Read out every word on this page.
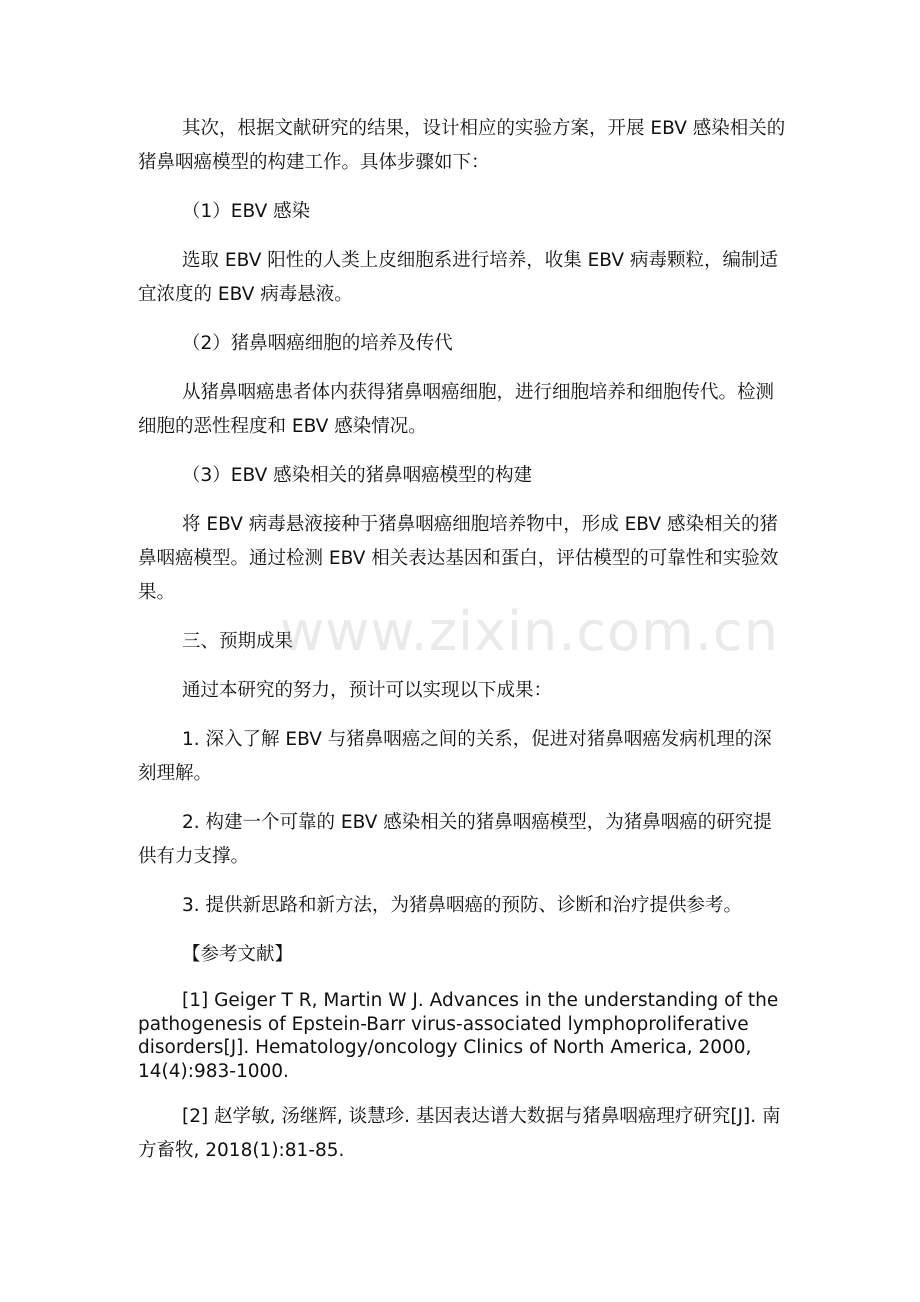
其次，根据文献研究的结果，设计相应的实验方案，开展 EBV 感染相关的猪鼻咽癌模型的构建工作。具体步骤如下：

（1）EBV 感染

选取 EBV 阳性的人类上皮细胞系进行培养，收集 EBV 病毒颗粒，编制适宜浓度的 EBV 病毒悬液。

（2）猪鼻咽癌细胞的培养及传代

从猪鼻咽癌患者体内获得猪鼻咽癌细胞，进行细胞培养和细胞传代。检测细胞的恶性程度和 EBV 感染情况。

（3）EBV 感染相关的猪鼻咽癌模型的构建

将 EBV 病毒悬液接种于猪鼻咽癌细胞培养物中，形成 EBV 感染相关的猪鼻咽癌模型。通过检测 EBV 相关表达基因和蛋白，评估模型的可靠性和实验效果。

三、预期成果

通过本研究的努力，预计可以实现以下成果：

1. 深入了解 EBV 与猪鼻咽癌之间的关系，促进对猪鼻咽癌发病机理的深刻理解。

2. 构建一个可靠的 EBV 感染相关的猪鼻咽癌模型，为猪鼻咽癌的研究提供有力支撑。

3. 提供新思路和新方法，为猪鼻咽癌的预防、诊断和治疗提供参考。

【参考文献】

[1] Geiger T R, Martin W J. Advances in the understanding of the pathogenesis of Epstein-Barr virus-associated lymphoproliferative disorders[J]. Hematology/oncology Clinics of North America, 2000, 14(4):983-1000.

[2] 赵学敏, 汤继辉, 谈慧珍. 基因表达谱大数据与猪鼻咽癌理疗研究[J]. 南方畜牧, 2018(1):81-85.

www.zixin.com.cn
